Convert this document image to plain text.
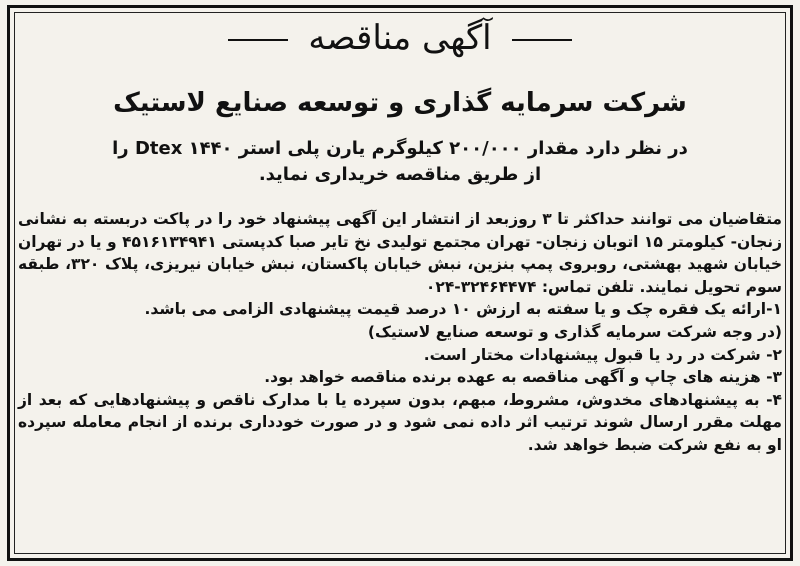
آگهی مناقصه
شرکت سرمایه گذاری و توسعه صنایع لاستیک

در نظر دارد مقدار ۲۰۰/۰۰۰ کیلوگرم یارن پلی استر Dtex ۱۴۴۰ را

از طریق مناقصه خریداری نماید.

متقاضیان می توانند حداکثر تا ۳ روزبعد از انتشار این آگهی پیشنهاد خود را در پاکت دربسته به نشانی زنجان- کیلومتر ۱۵ اتوبان زنجان- تهران مجتمع تولیدی نخ تایر صبا کدپستی ۴۵۱۶۱۳۴۹۴۱ و یا در تهران خیابان شهید بهشتی، روبروی پمپ بنزین، نبش خیابان پاکستان، نبش خیابان نیریزی، پلاک ۳۲۰، طبقه سوم تحویل نمایند. تلفن تماس: ۰۲۴-۳۲۴۶۴۴۷۴

۱-ارائه یک فقره چک و یا سفته به ارزش ۱۰ درصد قیمت پیشنهادی الزامی می باشد.

(در وجه شرکت سرمایه گذاری و توسعه صنایع لاستیک)

۲- شرکت در رد یا قبول پیشنهادات مختار است.

۳- هزینه های چاپ و آگهی مناقصه به عهده برنده مناقصه خواهد بود.

۴- به پیشنهادهای مخدوش، مشروط، مبهم، بدون سپرده یا با مدارک ناقص و پیشنهادهایی که بعد از مهلت مقرر ارسال شوند ترتیب اثر داده نمی شود و در صورت خودداری برنده از انجام معامله سپرده او به نفع شرکت ضبط خواهد شد.
